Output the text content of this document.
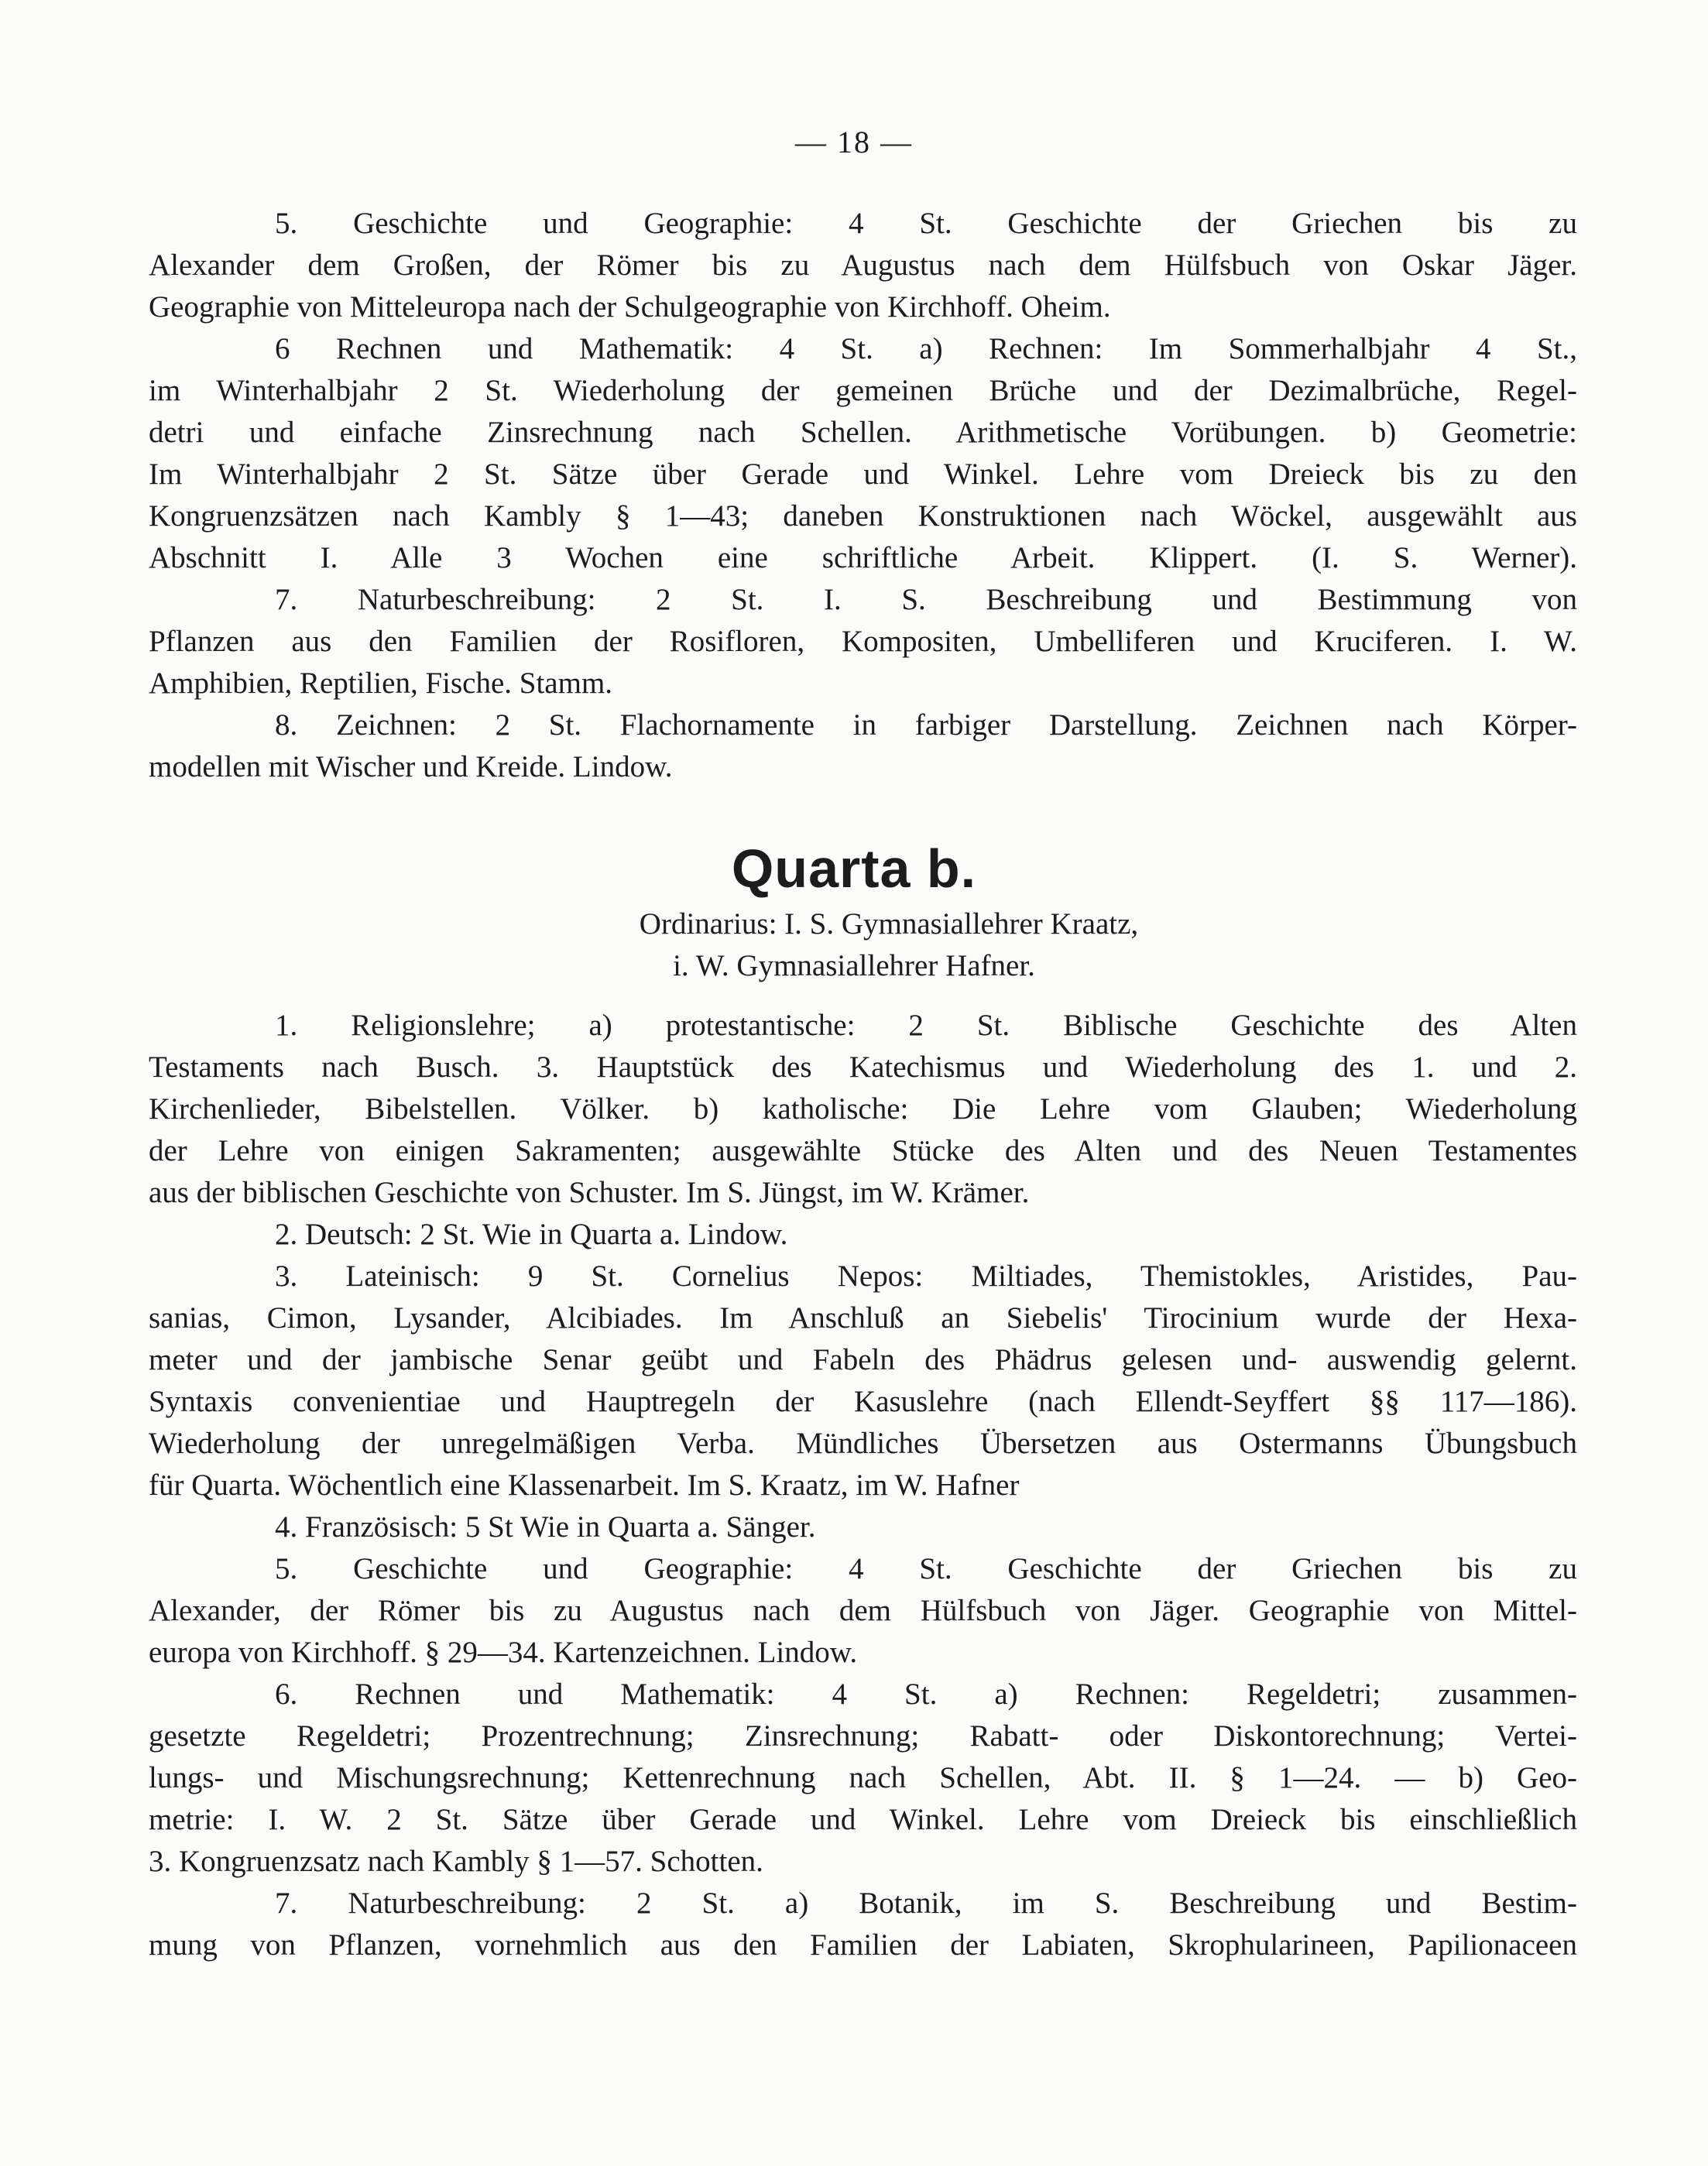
— 18 —
5. Geschichte und Geographie: 4 St. Geschichte der Griechen bis zu
Alexander dem Großen, der Römer bis zu Augustus nach dem Hülfsbuch von Oskar Jäger.
Geographie von Mitteleuropa nach der Schulgeographie von Kirchhoff. Oheim.
6 Rechnen und Mathematik: 4 St. a) Rechnen: Im Sommerhalbjahr 4 St.,
im Winterhalbjahr 2 St. Wiederholung der gemeinen Brüche und der Dezimalbrüche, Regel-
detri und einfache Zinsrechnung nach Schellen. Arithmetische Vorübungen. b) Geometrie:
Im Winterhalbjahr 2 St. Sätze über Gerade und Winkel. Lehre vom Dreieck bis zu den
Kongruenzsätzen nach Kambly § 1—43; daneben Konstruktionen nach Wöckel, ausgewählt aus
Abschnitt I. Alle 3 Wochen eine schriftliche Arbeit. Klippert. (I. S. Werner).
7. Naturbeschreibung: 2 St. I. S. Beschreibung und Bestimmung von
Pflanzen aus den Familien der Rosifloren, Kompositen, Umbelliferen und Kruciferen. I. W.
Amphibien, Reptilien, Fische. Stamm.
8. Zeichnen: 2 St. Flachornamente in farbiger Darstellung. Zeichnen nach Körper-
modellen mit Wischer und Kreide. Lindow.
Quarta b.
Ordinarius: I. S. Gymnasiallehrer Kraatz,
i. W. Gymnasiallehrer Hafner.
1. Religionslehre; a) protestantische: 2 St. Biblische Geschichte des Alten
Testaments nach Busch. 3. Hauptstück des Katechismus und Wiederholung des 1. und 2.
Kirchenlieder, Bibelstellen. Völker. b) katholische: Die Lehre vom Glauben; Wiederholung
der Lehre von einigen Sakramenten; ausgewählte Stücke des Alten und des Neuen Testamentes
aus der biblischen Geschichte von Schuster. Im S. Jüngst, im W. Krämer.
2. Deutsch: 2 St. Wie in Quarta a. Lindow.
3. Lateinisch: 9 St. Cornelius Nepos: Miltiades, Themistokles, Aristides, Pau-
sanias, Cimon, Lysander, Alcibiades. Im Anschluß an Siebelis' Tirocinium wurde der Hexa-
meter und der jambische Senar geübt und Fabeln des Phädrus gelesen und- auswendig gelernt.
Syntaxis convenientiae und Hauptregeln der Kasuslehre (nach Ellendt-Seyffert §§ 117—186).
Wiederholung der unregelmäßigen Verba. Mündliches Übersetzen aus Ostermanns Übungsbuch
für Quarta. Wöchentlich eine Klassenarbeit. Im S. Kraatz, im W. Hafner
4. Französisch: 5 St Wie in Quarta a. Sänger.
5. Geschichte und Geographie: 4 St. Geschichte der Griechen bis zu
Alexander, der Römer bis zu Augustus nach dem Hülfsbuch von Jäger. Geographie von Mittel-
europa von Kirchhoff. § 29—34. Kartenzeichnen. Lindow.
6. Rechnen und Mathematik: 4 St. a) Rechnen: Regeldetri; zusammen-
gesetzte Regeldetri; Prozentrechnung; Zinsrechnung; Rabatt- oder Diskontorechnung; Vertei-
lungs- und Mischungsrechnung; Kettenrechnung nach Schellen, Abt. II. § 1—24. — b) Geo-
metrie: I. W. 2 St. Sätze über Gerade und Winkel. Lehre vom Dreieck bis einschließlich
3. Kongruenzsatz nach Kambly § 1—57. Schotten.
7. Naturbeschreibung: 2 St. a) Botanik, im S. Beschreibung und Bestim-
mung von Pflanzen, vornehmlich aus den Familien der Labiaten, Skrophularineen, Papilionaceen
